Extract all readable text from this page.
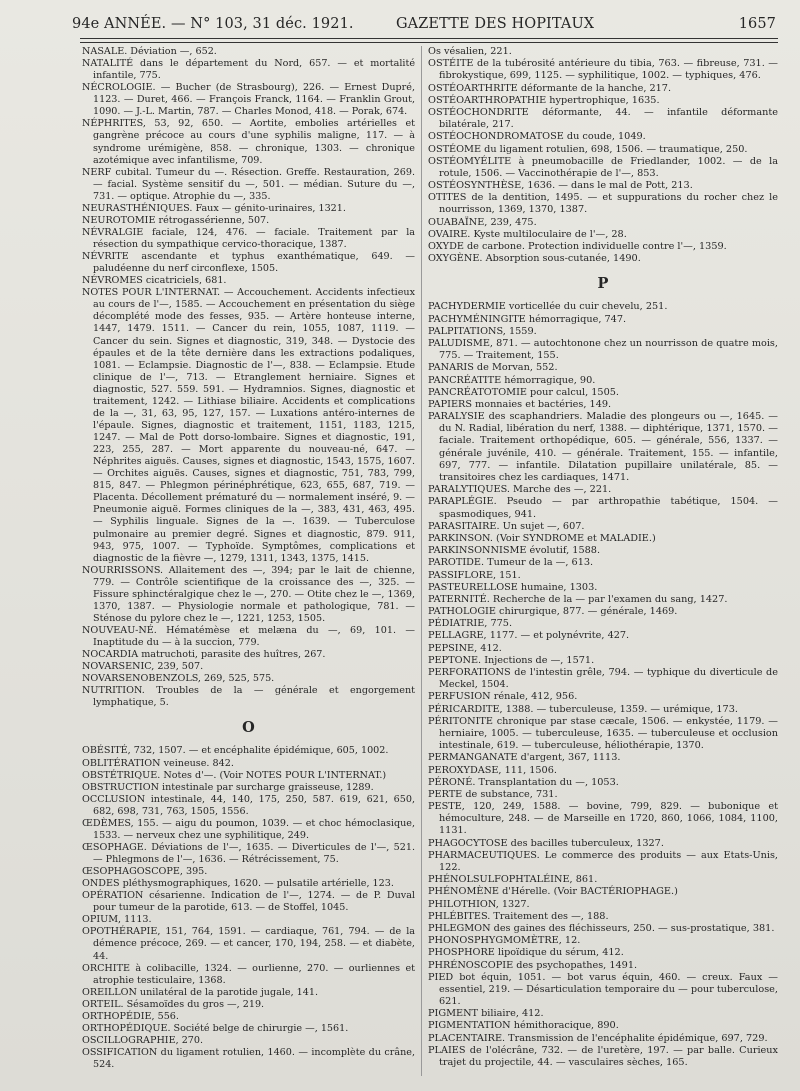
94e ANNÉE. — N° 103, 31 déc. 1921.	GAZETTE DES HOPITAUX	1657
NASALE. Déviation —, 652.
NATALITÉ dans le département du Nord, 657. — et mortalité infantile, 775.
NÉCROLOGIE. — Bucher (de Strasbourg), 226. — Ernest Dupré, 1123. — Duret, 466. — François Franck, 1164. — Franklin Grout, 1090. — J.-L. Martin, 787. — Charles Monod, 418. — Porak, 674.
NÉPHRITES, 53, 92, 650. — Aortite, embolies artérielles et gangrène précoce au cours d'une syphilis maligne, 117. — à syndrome urémigène, 858. — chronique, 1303. — chronique azotémique avec infantilisme, 709.
NERF cubital. Tumeur du —. Résection. Greffe. Restauration, 269. — facial. Système sensitif du —, 501. — médian. Suture du —, 731. — optique. Atrophie du —, 335.
NEURASTHÉNIQUES. Faux — génito-urinaires, 1321.
NEUROTOMIE rétrogassérienne, 507.
NÉVRALGIE faciale, 124, 476. — faciale. Traitement par la résection du sympathique cervico-thoracique, 1387.
NÉVRITE ascendante et typhus exanthématique, 649. — paludéenne du nerf circonflexe, 1505.
NÉVROMES cicatriciels, 681.
NOTES POUR L'INTERNAT. — Accouchement. Accidents infectieux au cours de l'—, 1585. — Accouchement en présentation du siège décomplété mode des fesses, 935. — Artère honteuse interne, 1447, 1479. 1511. — Cancer du rein, 1055, 1087, 1119. — Cancer du sein. Signes et diagnostic, 319, 348. — Dystocie des épaules et de la tête dernière dans les extractions podaliques, 1081. — Eclampsie. Diagnostic de l'—, 838. — Eclampsie. Etude clinique de l'—, 713. — Etranglement herniaire. Signes et diagnostic, 527. 559. 591. — Hydramnios. Signes, diagnostic et traitement, 1242. — Lithiase biliaire. Accidents et complications de la —, 31, 63, 95, 127, 157. — Luxations antéro-internes de l'épaule. Signes, diagnostic et traitement, 1151, 1183, 1215, 1247. — Mal de Pott dorso-lombaire. Signes et diagnostic, 191, 223, 255, 287. — Mort apparente du nouveau-né, 647. — Néphrites aiguës. Causes, signes et diagnostic, 1543, 1575, 1607. — Orchites aiguës. Causes, signes et diagnostic, 751, 783, 799, 815, 847. — Phlegmon périnéphrétique, 623, 655, 687, 719. — Placenta. Décollement prématuré du — normalement inséré, 9. — Pneumonie aiguë. Formes cliniques de la —, 383, 431, 463, 495. — Syphilis linguale. Signes de la —. 1639. — Tuberculose pulmonaire au premier degré. Signes et diagnostic, 879. 911, 943, 975, 1007. — Typhoïde. Symptômes, complications et diagnostic de la fièvre —, 1279, 1311, 1343, 1375, 1415.
NOURRISSONS. Allaitement des —, 394; par le lait de chienne, 779. — Contrôle scientifique de la croissance des —, 325. — Fissure sphinctéralgique chez le —, 270. — Otite chez le —, 1369, 1370, 1387. — Physiologie normale et pathologique, 781. — Sténose du pylore chez le —, 1221, 1253, 1505.
NOUVEAU-NÉ. Hématémèse et melæna du —, 69, 101. — Inaptitude du — à la succion, 779.
NOCARDIA matruchoti, parasite des huîtres, 267.
NOVARSENIC, 239, 507.
NOVARSENOBENZOLS, 269, 525, 575.
NUTRITION. Troubles de la — générale et engorgement lymphatique, 5.
O
OBÉSITÉ, 732, 1507. — et encéphalite épidémique, 605, 1002.
OBLITÉRATION veineuse. 842.
OBSTÉTRIQUE. Notes d'—. (Voir NOTES POUR L'INTERNAT.)
OBSTRUCTION intestinale par surcharge graisseuse, 1289.
OCCLUSION intestinale, 44, 140, 175, 250, 587. 619, 621, 650, 682, 698, 731, 763, 1505, 1556.
ŒDÈMES, 155. — aigu du poumon, 1039. — et choc hémoclasique, 1533. — nerveux chez une syphilitique, 249.
ŒSOPHAGE. Déviations de l'—, 1635. — Diverticules de l'—, 521. — Phlegmons de l'—, 1636. — Rétrécissement, 75.
ŒSOPHAGOSCOPE, 395.
ONDES pléthysmographiques, 1620. — pulsatile artérielle, 123.
OPÉRATION césarienne. Indication de l'—, 1274. — de P. Duval pour tumeur de la parotide, 613. — de Stoffel, 1045.
OPIUM, 1113.
OPOTHÉRAPIE, 151, 764, 1591. — cardiaque, 761, 794. — de la démence précoce, 269. — et cancer, 170, 194, 258. — et diabète, 44.
ORCHITE à colibacille, 1324. — ourlienne, 270. — ourliennes et atrophie testiculaire, 1368.
OREILLON unilatéral de la parotide jugale, 141.
ORTEIL. Sésamoïdes du gros —, 219.
ORTHOPÉDIE, 556.
ORTHOPÉDIQUE. Société belge de chirurgie —, 1561.
OSCILLOGRAPHIE, 270.
OSSIFICATION du ligament rotulien, 1460. — incomplète du crâne, 524.
Os vésalien, 221.
OSTÉITE de la tubérosité antérieure du tibia, 763. — fibreuse, 731. — fibrokystique, 699, 1125. — syphilitique, 1002. — typhiques, 476.
OSTÉOARTHRITE déformante de la hanche, 217.
OSTÉOARTHROPATHIE hypertrophique, 1635.
OSTÉOCHONDRITE déformante, 44. — infantile déformante bilatérale, 217.
OSTÉOCHONDROMATOSE du coude, 1049.
OSTÉOME du ligament rotulien, 698, 1506. — traumatique, 250.
OSTÉOMYÉLITE à pneumobacille de Friedlander, 1002. — de la rotule, 1506. — Vaccinothérapie de l'—, 853.
OSTÉOSYNTHÈSE, 1636. — dans le mal de Pott, 213.
OTITES de la dentition, 1495. — et suppurations du rocher chez le nourrisson, 1369, 1370, 1387.
OUABAÏNE, 239, 475.
OVAIRE. Kyste multiloculaire de l'—, 28.
OXYDE de carbone. Protection individuelle contre l'—, 1359.
OXYGÈNE. Absorption sous-cutanée, 1490.
P
PACHYDERMIE vorticellée du cuir chevelu, 251.
PACHYMÉNINGITE hémorragique, 747.
PALPITATIONS, 1559.
PALUDISME, 871. — autochtonone chez un nourrisson de quatre mois, 775. — Traitement, 155.
PANARIS de Morvan, 552.
PANCRÉATITE hémorragique, 90.
PANCRÉATOTOMIE pour calcul, 1505.
PAPIERS monnaies et bactéries, 149.
PARALYSIE des scaphandriers. Maladie des plongeurs ou —, 1645. — du N. Radial, libération du nerf, 1388. — diphtérique, 1371, 1570. — faciale. Traitement orthopédique, 605. — générale, 556, 1337. — générale juvénile, 410. — générale. Traitement, 155. — infantile, 697, 777. — infantile. Dilatation pupillaire unilatérale, 85. — transitoires chez les cardiaques, 1471.
PARALYTIQUES. Marche des —, 221.
PARAPLÉGIE. Pseudo — par arthropathie tabétique, 1504. — spasmodiques, 941.
PARASITAIRE. Un sujet —, 607.
PARKINSON. (Voir SYNDROME et MALADIE.)
PARKINSONNISME évolutif, 1588.
PAROTIDE. Tumeur de la —, 613.
PASSIFLORE, 151.
PASTEURELLOSE humaine, 1303.
PATERNITÉ. Recherche de la — par l'examen du sang, 1427.
PATHOLOGIE chirurgique, 877. — générale, 1469.
PÉDIATRIE, 775.
PELLAGRE, 1177. — et polynévrite, 427.
PEPSINE, 412.
PEPTONE. Injections de —, 1571.
PERFORATIONS de l'intestin grêle, 794. — typhique du diverticule de Meckel, 1504.
PERFUSION rénale, 412, 956.
PÉRICARDITE, 1388. — tuberculeuse, 1359. — urémique, 173.
PÉRITONITE chronique par stase cæcale, 1506. — enkystée, 1179. — herniaire, 1005. — tuberculeuse, 1635. — tuberculeuse et occlusion intestinale, 619. — tuberculeuse, héliothérapie, 1370.
PERMANGANATE d'argent, 367, 1113.
PEROXYDASE, 111, 1506.
PÉRONÉ. Transplantation du —, 1053.
PERTE de substance, 731.
PESTE, 120, 249, 1588. — bovine, 799, 829. — bubonique et hémoculture, 248. — de Marseille en 1720, 860, 1066, 1084, 1100, 1131.
PHAGOCYTOSE des bacilles tuberculeux, 1327.
PHARMACEUTIQUES. Le commerce des produits — aux Etats-Unis, 122.
PHÉNOLSULFOPHTALÉINE, 861.
PHÉNOMÈNE d'Hérelle. (Voir BACTÉRIOPHAGE.)
PHILOTHION, 1327.
PHLÉBITES. Traitement des —, 188.
PHLEGMON des gaines des fléchisseurs, 250. — sus-prostatique, 381.
PHONOSPHYGMOMÈTRE, 12.
PHOSPHORE lipoïdique du sérum, 412.
PHRÉNOSCOPIE des psychopathes, 1491.
PIED bot équin, 1051. — bot varus équin, 460. — creux. Faux — essentiel, 219. — Désarticulation temporaire du — pour tuberculose, 621.
PIGMENT biliaire, 412.
PIGMENTATION hémithoracique, 890.
PLACENTAIRE. Transmission de l'encéphalite épidémique, 697, 729.
PLAIES de l'olécrâne, 732. — de l'uretère, 197. — par balle. Curieux trajet du projectile, 44. — vasculaires sèches, 165.
